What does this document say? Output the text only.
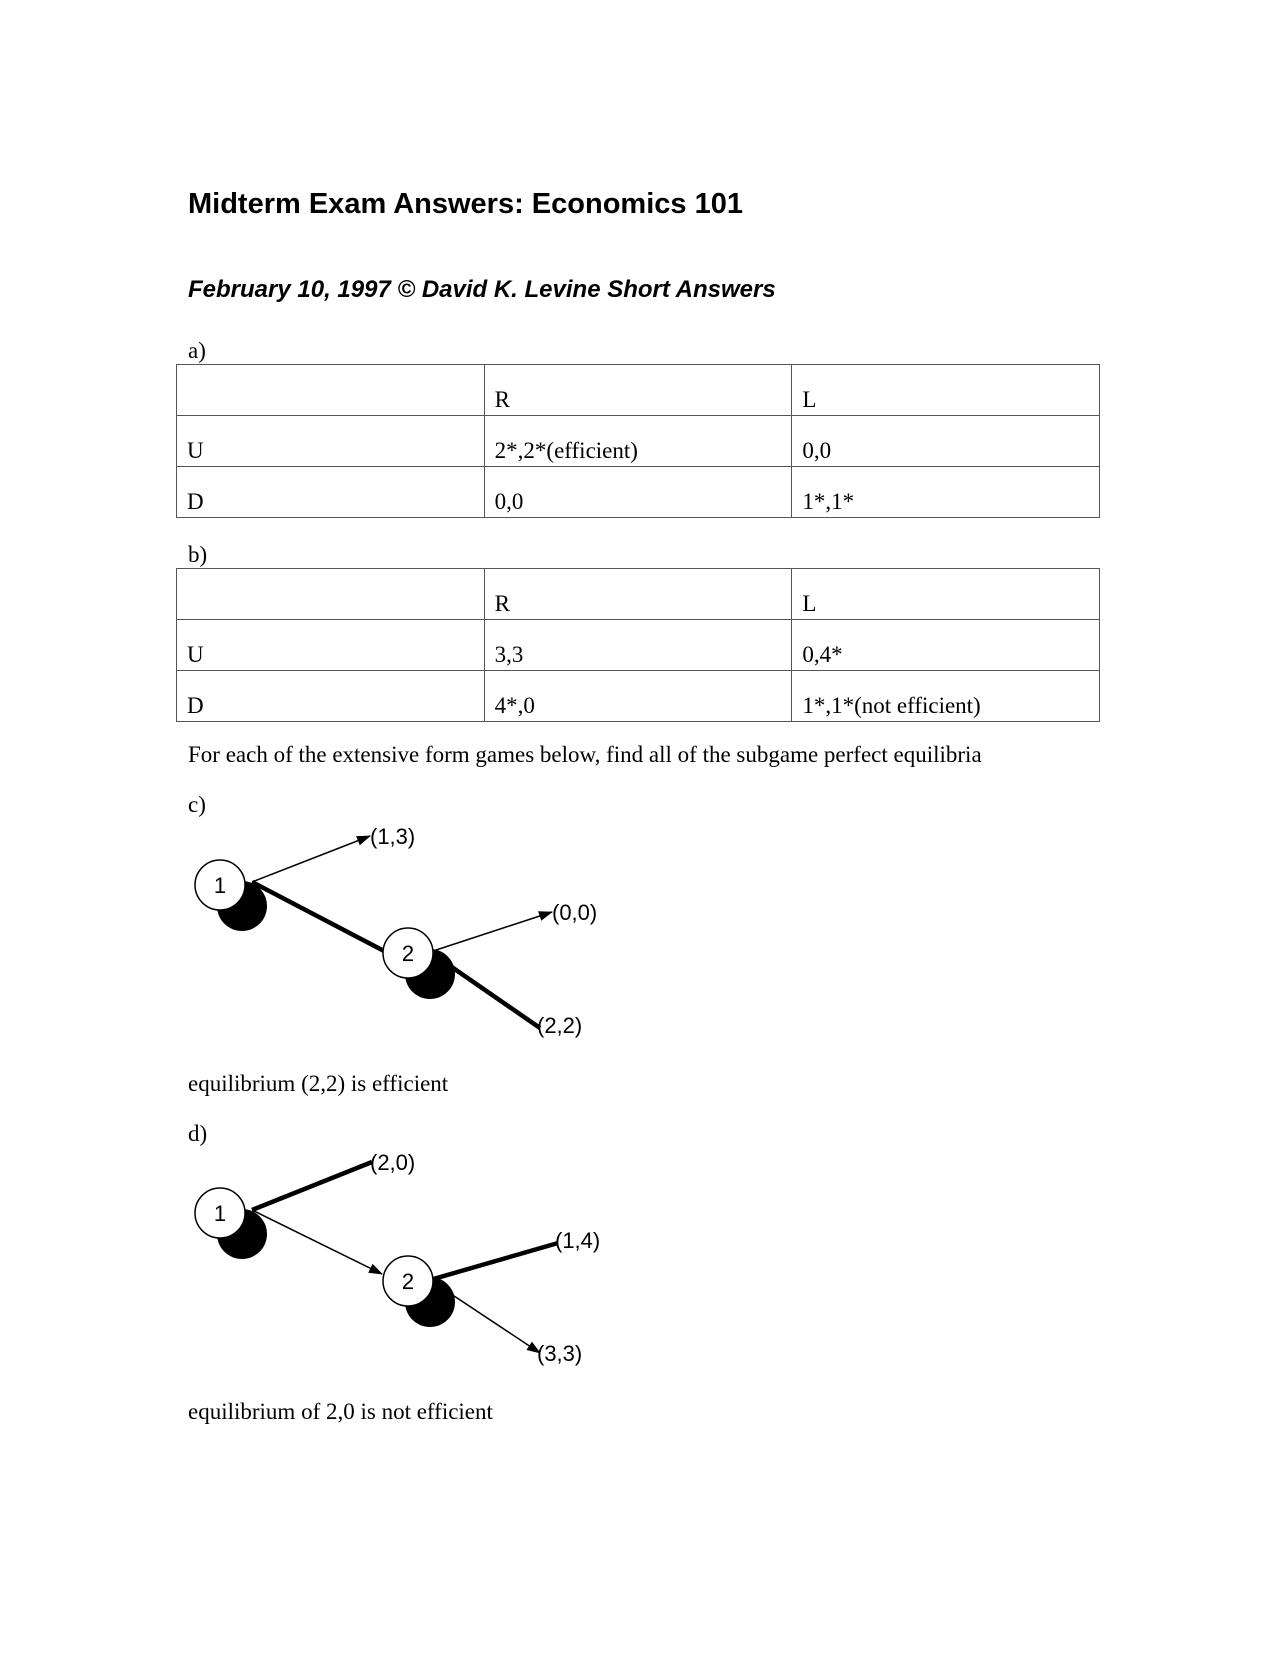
Midterm Exam Answers: Economics 101
February 10, 1997 © David K. Levine Short Answers
a)
	R	L
U	2*,2*(efficient)	0,0
D	0,0	1*,1*
b)
	R	L
U	3,3	0,4*
D	4*,0	1*,1*(not efficient)
For each of the extensive form games below, find all of the subgame perfect equilibria
c)
1
2
(1,3)
(0,0)
(2,2)
equilibrium (2,2) is efficient
d)
1
2
(2,0)
(1,4)
(3,3)
equilibrium of 2,0 is not efficient
